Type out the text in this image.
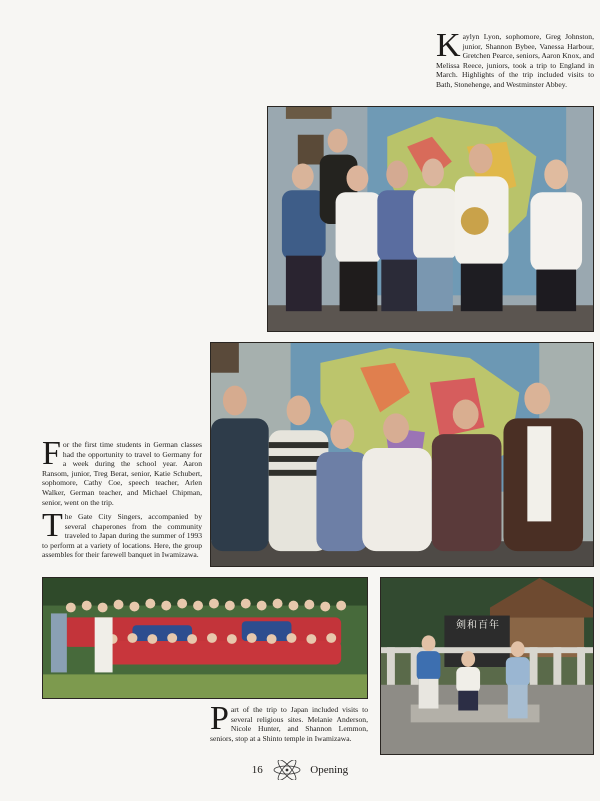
K aylyn Lyon, sophomore, Greg Johnston, junior, Shannon Bybee, Vanessa Harbour, Gretchen Pearce, seniors, Aaron Knox, and Melissa Reece, juniors, took a trip to England in March. Highlights of the trip included visits to Bath, Stonehenge, and Westminster Abbey.
F or the first time students in German classes had the opportunity to travel to Germany for a week during the school year. Aaron Ransom, junior, Treg Berat, senior, Katie Schubert, sophomore, Cathy Coe, speech teacher, Arlen Walker, German teacher, and Michael Chipman, senior, went on the trip.
T he Gate City Singers, accompanied by several chaperones from the community traveled to Japan during the summer of 1993 to perform at a variety of locations. Here, the group assembles for their farewell banquet in Iwamizawa.
剣和百年
P art of the trip to Japan included visits to several religious sites. Melanie Anderson, Nicole Hunter, and Shannon Lemmon, seniors, stop at a Shinto temple in Iwamizawa.
16	Opening
